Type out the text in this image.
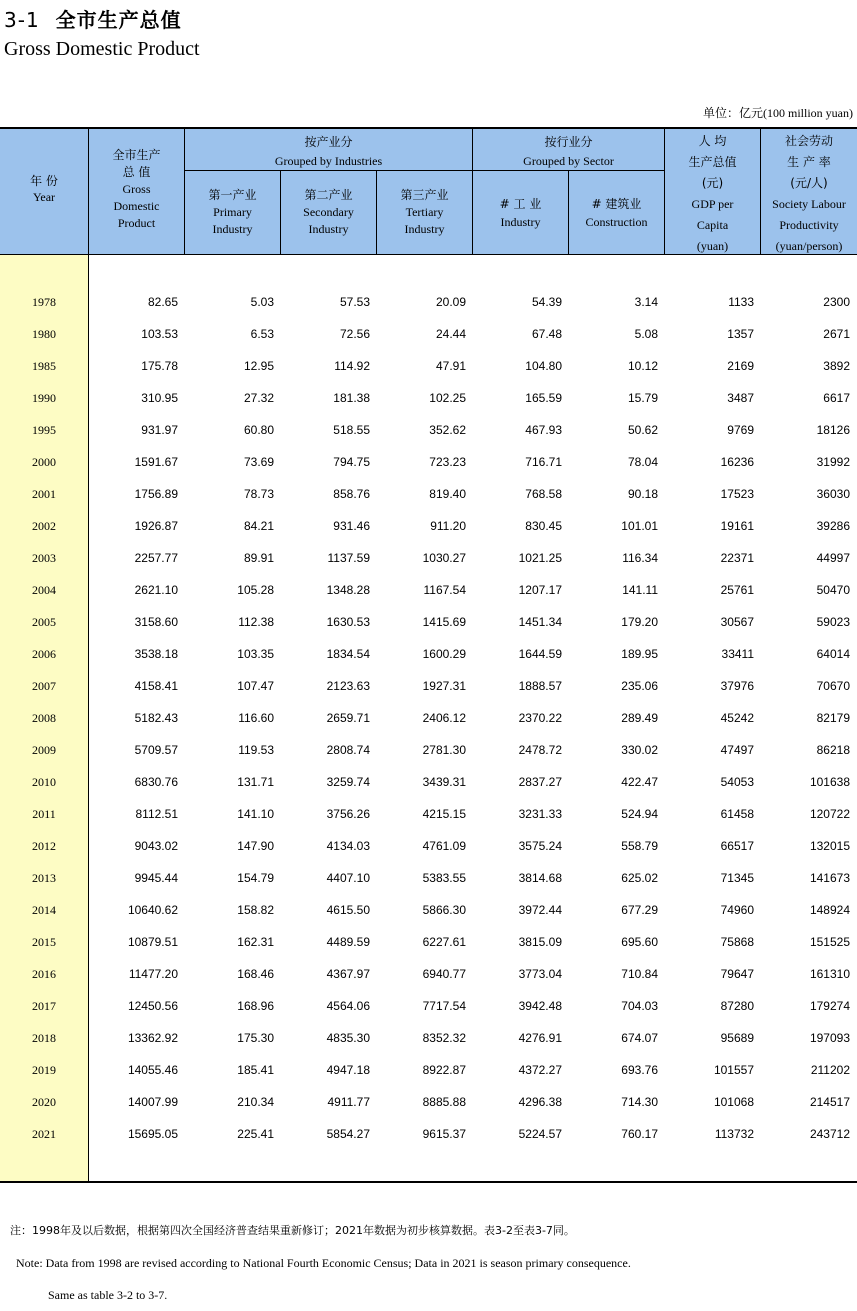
3-1 全市生产总值
Gross Domestic Product
单位：亿元(100 million yuan)
年 份
Year
全市生产
总 值
Gross
Domestic
Product
按产业分
Grouped by Industries
第一产业
Primary
Industry
第二产业
Secondary
Industry
第三产业
Tertiary
Industry
按行业分
Grouped by Sector
# 工 业
Industry
# 建筑业
Construction
人 均
生产总值
(元)
GDP per
Capita
(yuan)
社会劳动
生 产 率
(元/人)
Society Labour
Productivity
(yuan/person)
1978	82.65	5.03	57.53	20.09	54.39	3.14	1133	2300
1980	103.53	6.53	72.56	24.44	67.48	5.08	1357	2671
1985	175.78	12.95	114.92	47.91	104.80	10.12	2169	3892
1990	310.95	27.32	181.38	102.25	165.59	15.79	3487	6617
1995	931.97	60.80	518.55	352.62	467.93	50.62	9769	18126
2000	1591.67	73.69	794.75	723.23	716.71	78.04	16236	31992
2001	1756.89	78.73	858.76	819.40	768.58	90.18	17523	36030
2002	1926.87	84.21	931.46	911.20	830.45	101.01	19161	39286
2003	2257.77	89.91	1137.59	1030.27	1021.25	116.34	22371	44997
2004	2621.10	105.28	1348.28	1167.54	1207.17	141.11	25761	50470
2005	3158.60	112.38	1630.53	1415.69	1451.34	179.20	30567	59023
2006	3538.18	103.35	1834.54	1600.29	1644.59	189.95	33411	64014
2007	4158.41	107.47	2123.63	1927.31	1888.57	235.06	37976	70670
2008	5182.43	116.60	2659.71	2406.12	2370.22	289.49	45242	82179
2009	5709.57	119.53	2808.74	2781.30	2478.72	330.02	47497	86218
2010	6830.76	131.71	3259.74	3439.31	2837.27	422.47	54053	101638
2011	8112.51	141.10	3756.26	4215.15	3231.33	524.94	61458	120722
2012	9043.02	147.90	4134.03	4761.09	3575.24	558.79	66517	132015
2013	9945.44	154.79	4407.10	5383.55	3814.68	625.02	71345	141673
2014	10640.62	158.82	4615.50	5866.30	3972.44	677.29	74960	148924
2015	10879.51	162.31	4489.59	6227.61	3815.09	695.60	75868	151525
2016	11477.20	168.46	4367.97	6940.77	3773.04	710.84	79647	161310
2017	12450.56	168.96	4564.06	7717.54	3942.48	704.03	87280	179274
2018	13362.92	175.30	4835.30	8352.32	4276.91	674.07	95689	197093
2019	14055.46	185.41	4947.18	8922.87	4372.27	693.76	101557	211202
2020	14007.99	210.34	4911.77	8885.88	4296.38	714.30	101068	214517
2021	15695.05	225.41	5854.27	9615.37	5224.57	760.17	113732	243712
注：1998年及以后数据，根据第四次全国经济普查结果重新修订；2021年数据为初步核算数据。表3-2至表3-7同。
Note: Data from 1998 are revised according to National Fourth Economic Census; Data in 2021 is season primary consequence.
Same as table 3-2 to 3-7.
